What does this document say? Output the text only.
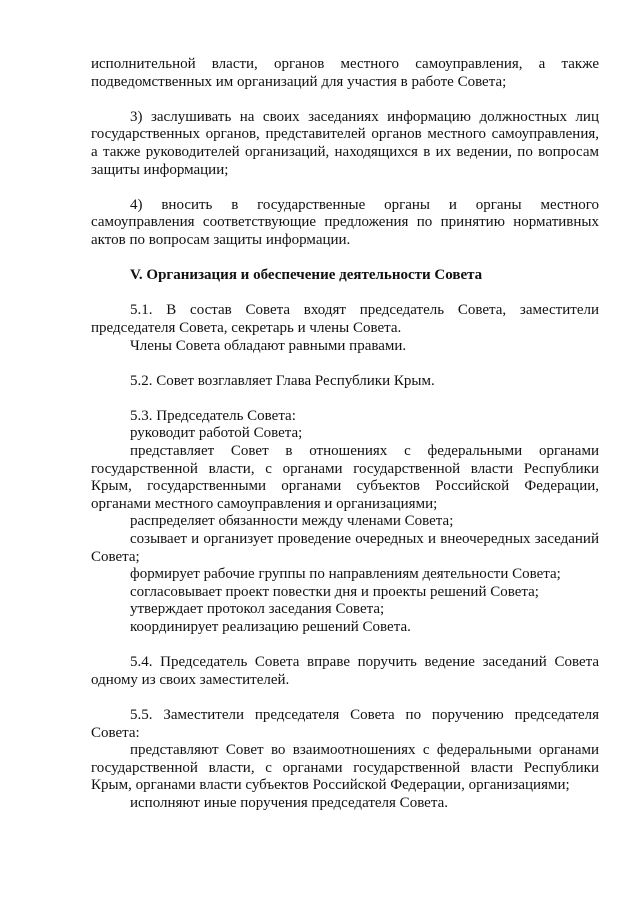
исполнительной власти, органов местного самоуправления, а также подведомственных им организаций для участия в работе Совета;

3) заслушивать на своих заседаниях информацию должностных лиц государственных органов, представителей органов местного самоуправления, а также руководителей организаций, находящихся в их ведении, по вопросам защиты информации;

4) вносить в государственные органы и органы местного самоуправления соответствующие предложения по принятию нормативных актов по вопросам защиты информации.

V. Организация и обеспечение деятельности Совета

5.1. В состав Совета входят председатель Совета, заместители председателя Совета, секретарь и члены Совета.

Члены Совета обладают равными правами.

5.2. Совет возглавляет Глава Республики Крым.

5.3. Председатель Совета:

руководит работой Совета;

представляет Совет в отношениях с федеральными органами государственной власти, с органами государственной власти Республики Крым, государственными органами субъектов Российской Федерации, органами местного самоуправления и организациями;

распределяет обязанности между членами Совета;

созывает и организует проведение очередных и внеочередных заседаний Совета;

формирует рабочие группы по направлениям деятельности Совета;

согласовывает проект повестки дня и проекты решений Совета;

утверждает протокол заседания Совета;

координирует реализацию решений Совета.

5.4. Председатель Совета вправе поручить ведение заседаний Совета одному из своих заместителей.

5.5. Заместители председателя Совета по поручению председателя Совета:

представляют Совет во взаимоотношениях с федеральными органами государственной власти, с органами государственной власти Республики Крым, органами власти субъектов Российской Федерации, организациями;

исполняют иные поручения председателя Совета.
